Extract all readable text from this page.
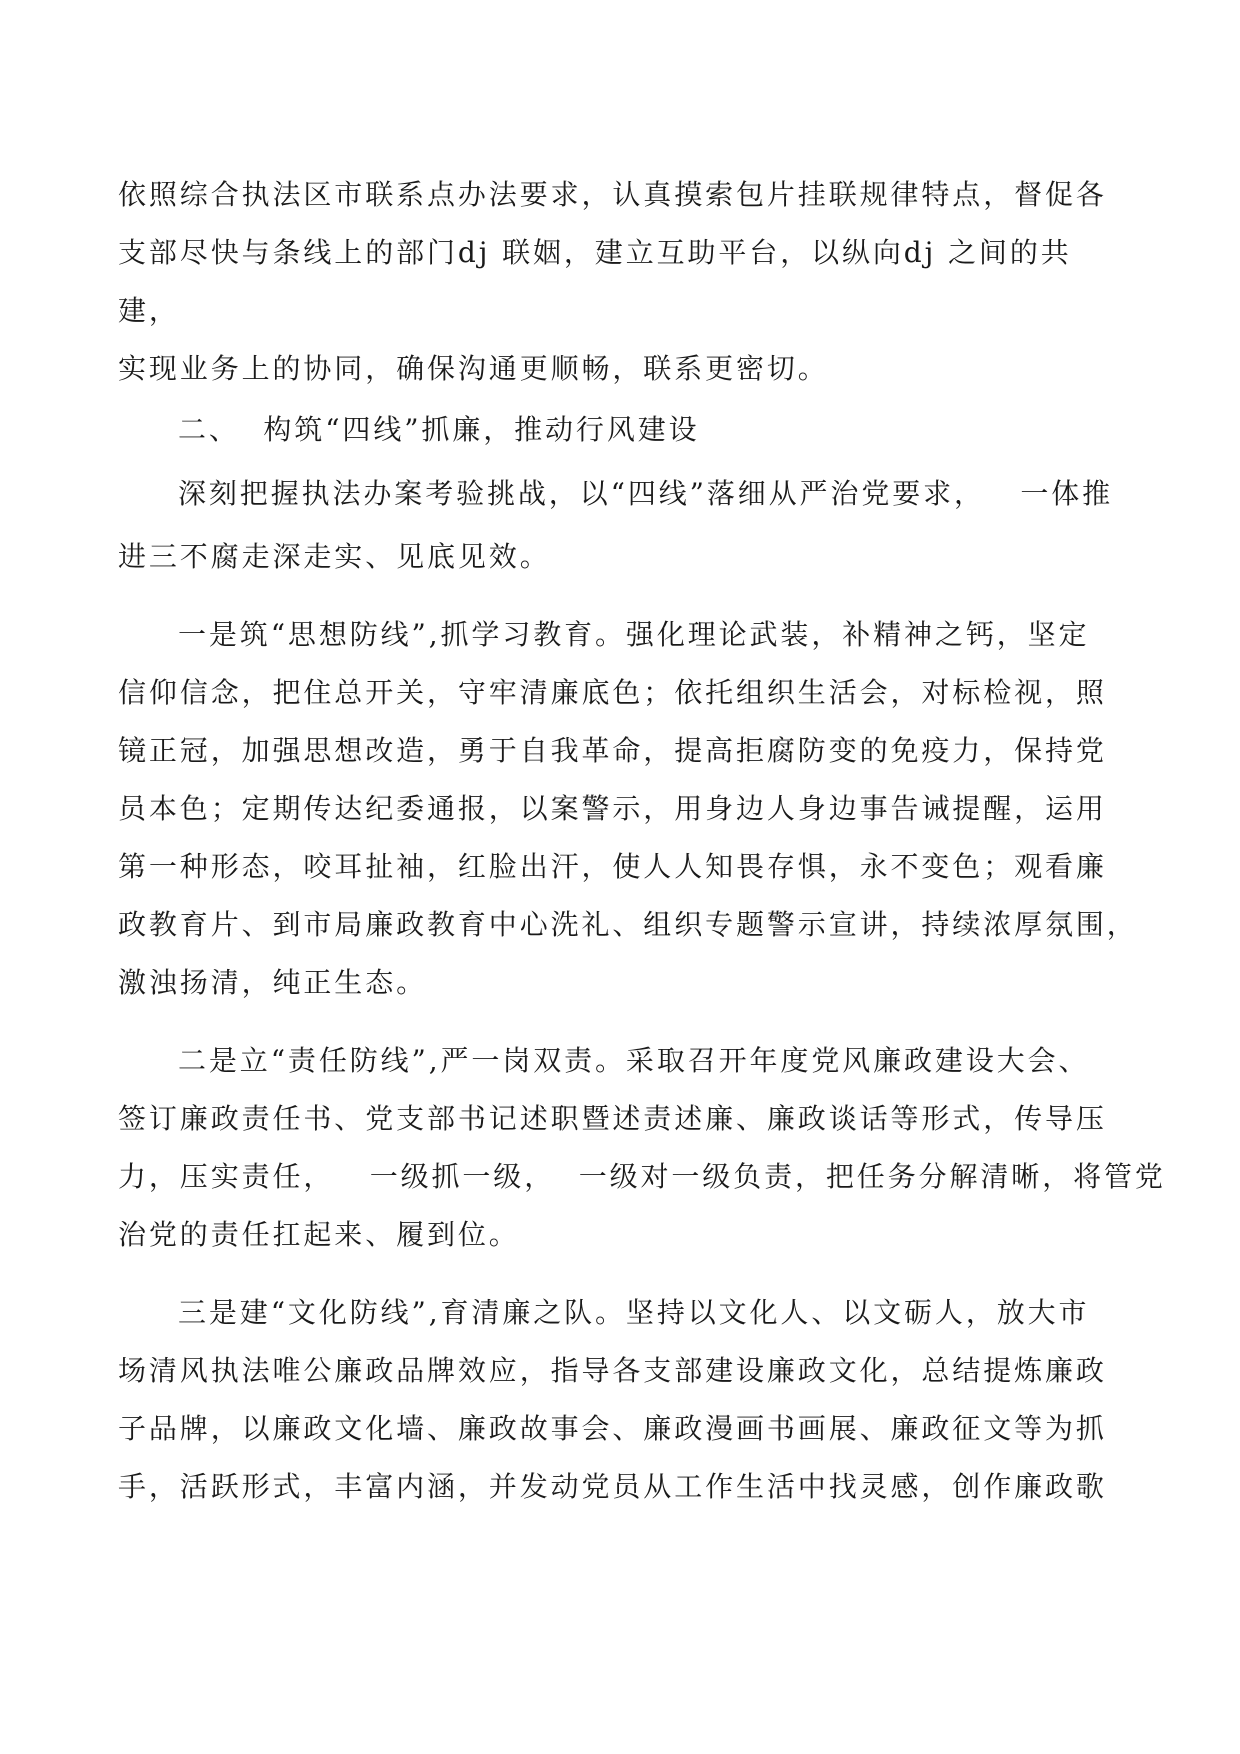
依照综合执法区市联系点办法要求，认真摸索包片挂联规律特点，督促各
支部尽快与条线上的部门dj 联姻，建立互助平台，以纵向dj 之间的共
建，
实现业务上的协同，确保沟通更顺畅，联系更密切。
二、  构筑“四线”抓廉，推动行风建设
深刻把握执法办案考验挑战，以“四线”落细从严治党要求，   一体推
进三不腐走深走实、见底见效。
一是筑“思想防线”,抓学习教育。强化理论武装，补精神之钙，坚定
信仰信念，把住总开关，守牢清廉底色；依托组织生活会，对标检视，照
镜正冠，加强思想改造，勇于自我革命，提高拒腐防变的免疫力，保持党
员本色；定期传达纪委通报，以案警示，用身边人身边事告诫提醒，运用
第一种形态，咬耳扯袖，红脸出汗，使人人知畏存惧，永不变色；观看廉
政教育片、到市局廉政教育中心洗礼、组织专题警示宣讲，持续浓厚氛围，
激浊扬清，纯正生态。
二是立“责任防线”,严一岗双责。采取召开年度党风廉政建设大会、
签订廉政责任书、党支部书记述职暨述责述廉、廉政谈话等形式，传导压
力，压实责任，   一级抓一级，  一级对一级负责，把任务分解清晰，将管党
治党的责任扛起来、履到位。
三是建“文化防线”,育清廉之队。坚持以文化人、以文砺人，放大市
场清风执法唯公廉政品牌效应，指导各支部建设廉政文化，总结提炼廉政
子品牌，以廉政文化墙、廉政故事会、廉政漫画书画展、廉政征文等为抓
手，活跃形式，丰富内涵，并发动党员从工作生活中找灵感，创作廉政歌
